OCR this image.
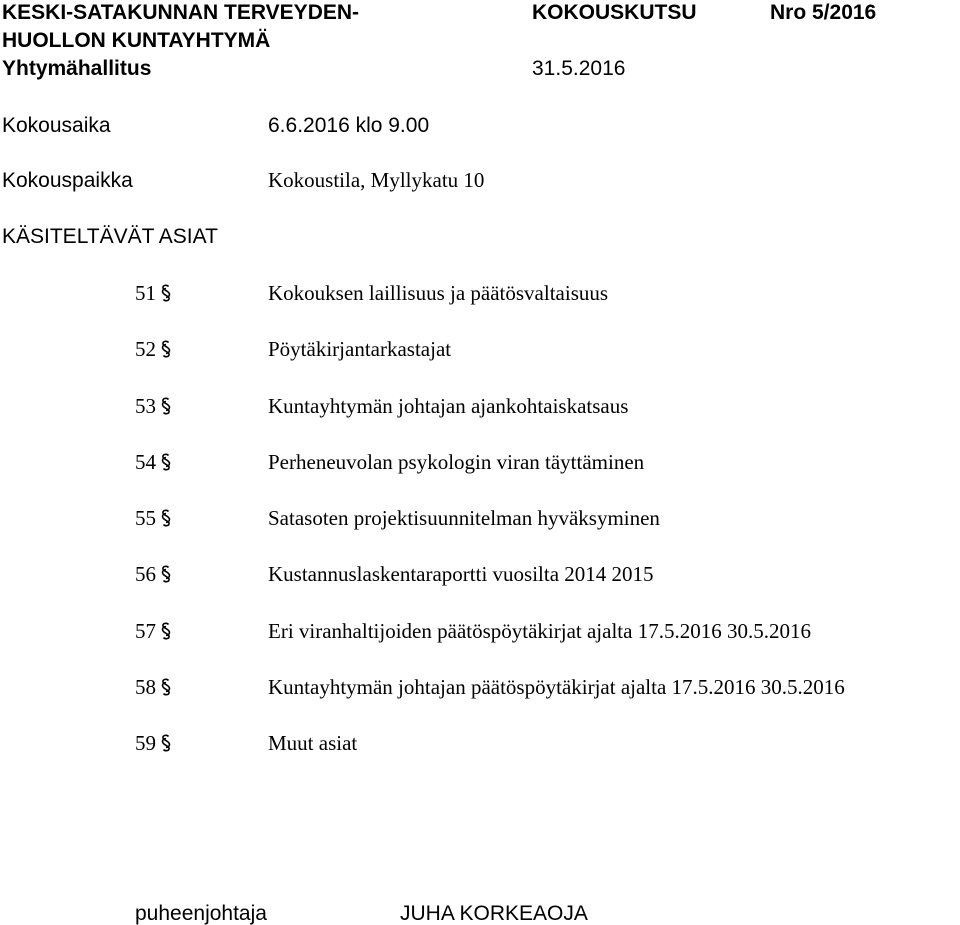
KESKI-SATAKUNNAN TERVEYDEN-
HUOLLON KUNTAYHTYMÄ
Yhtymähallitus
KOKOUSKUTSU	Nro 5/2016
31.5.2016
Kokousaika	6.6.2016 klo 9.00
Kokouspaikka	Kokoustila, Myllykatu 10
KÄSITELTÄVÄT ASIAT
51	Kokouksen laillisuus ja päätösvaltaisuus
52	Pöytäkirjantarkastajat
53	Kuntayhtymän johtajan ajankohtaiskatsaus
54	Perheneuvolan psykologin viran täyttäminen
55	Satasoten projektisuunnitelman hyväksyminen
56	Kustannuslaskentaraportti vuosilta 2014 2015
57	Eri viranhaltijoiden päätöspöytäkirjat ajalta 17.5.2016 30.5.2016
58	Kuntayhtymän johtajan päätöspöytäkirjat ajalta 17.5.2016 30.5.2016
59	Muut asiat
puheenjohtaja	JUHA KORKEAOJA
